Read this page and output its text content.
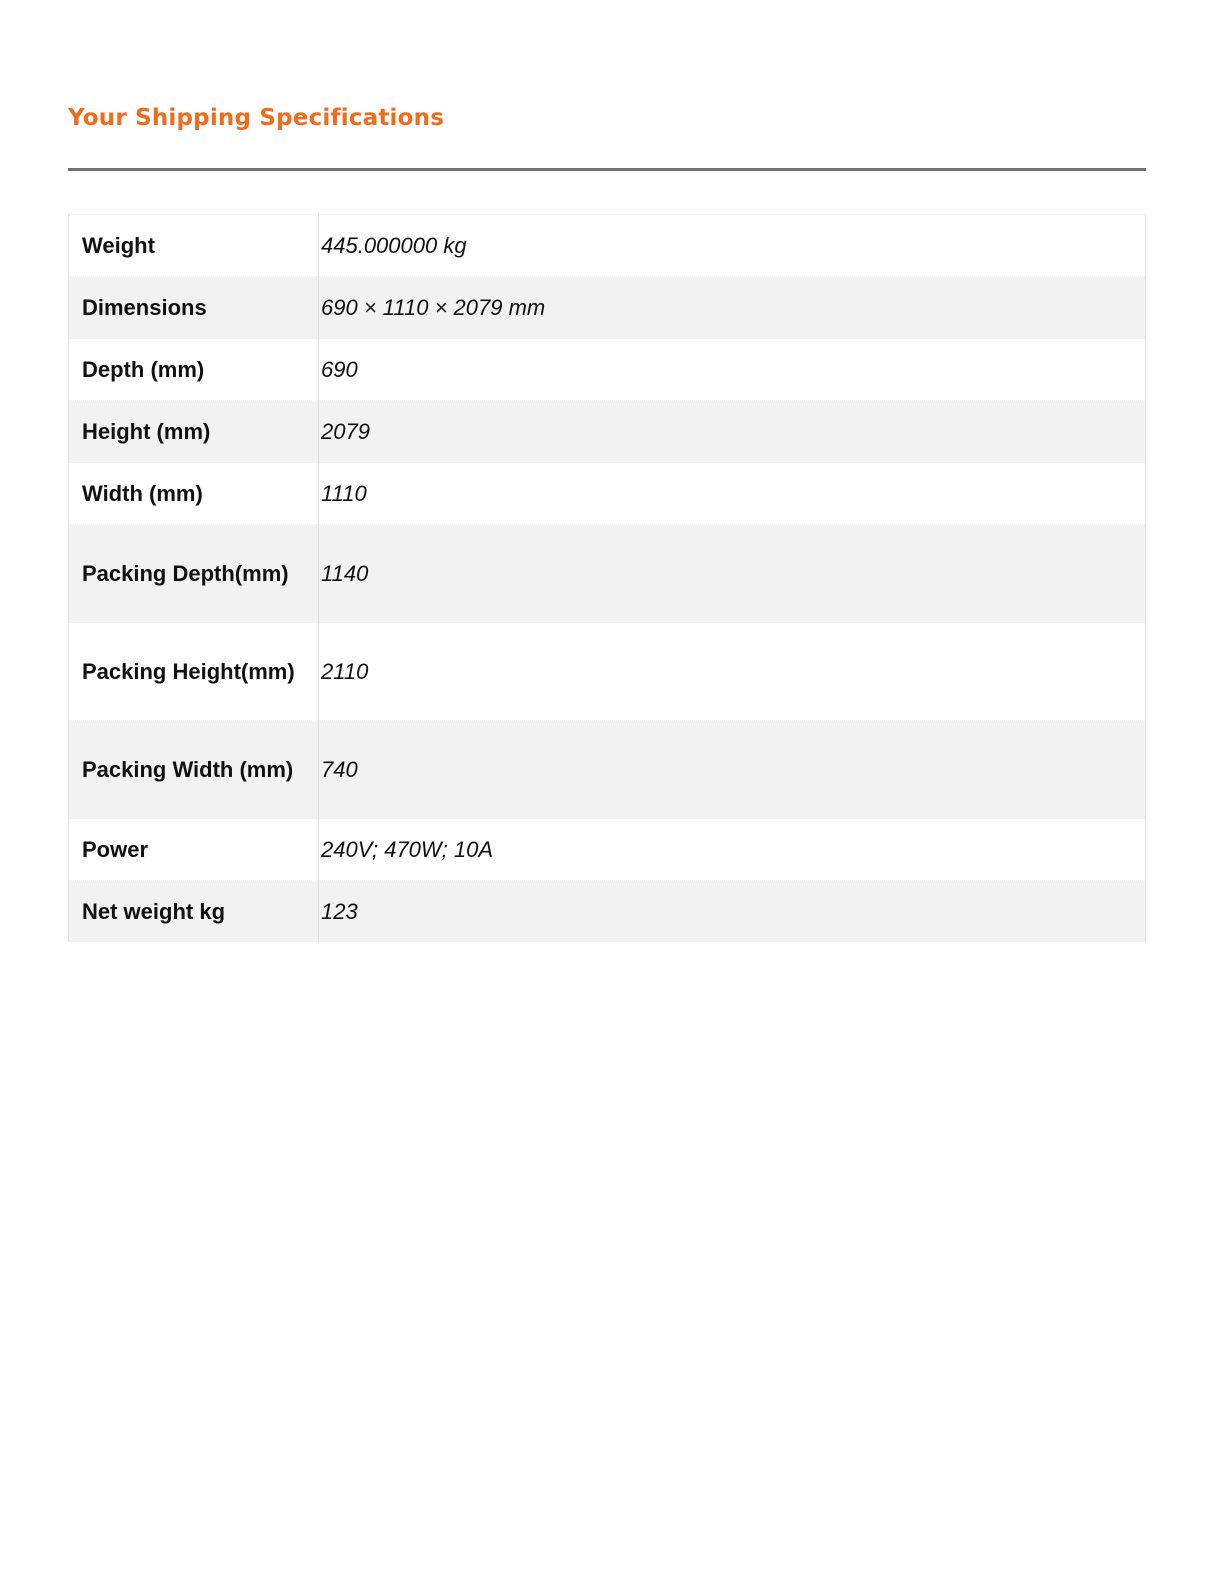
Your Shipping Specifications
Weight	445.000000 kg
Dimensions	690 × 1110 × 2079 mm
Depth (mm)	690
Height (mm)	2079
Width (mm)	1110
Packing Depth(mm)	1140
Packing Height(mm)	2110
Packing Width (mm)	740
Power	240V; 470W; 10A
Net weight kg	123
